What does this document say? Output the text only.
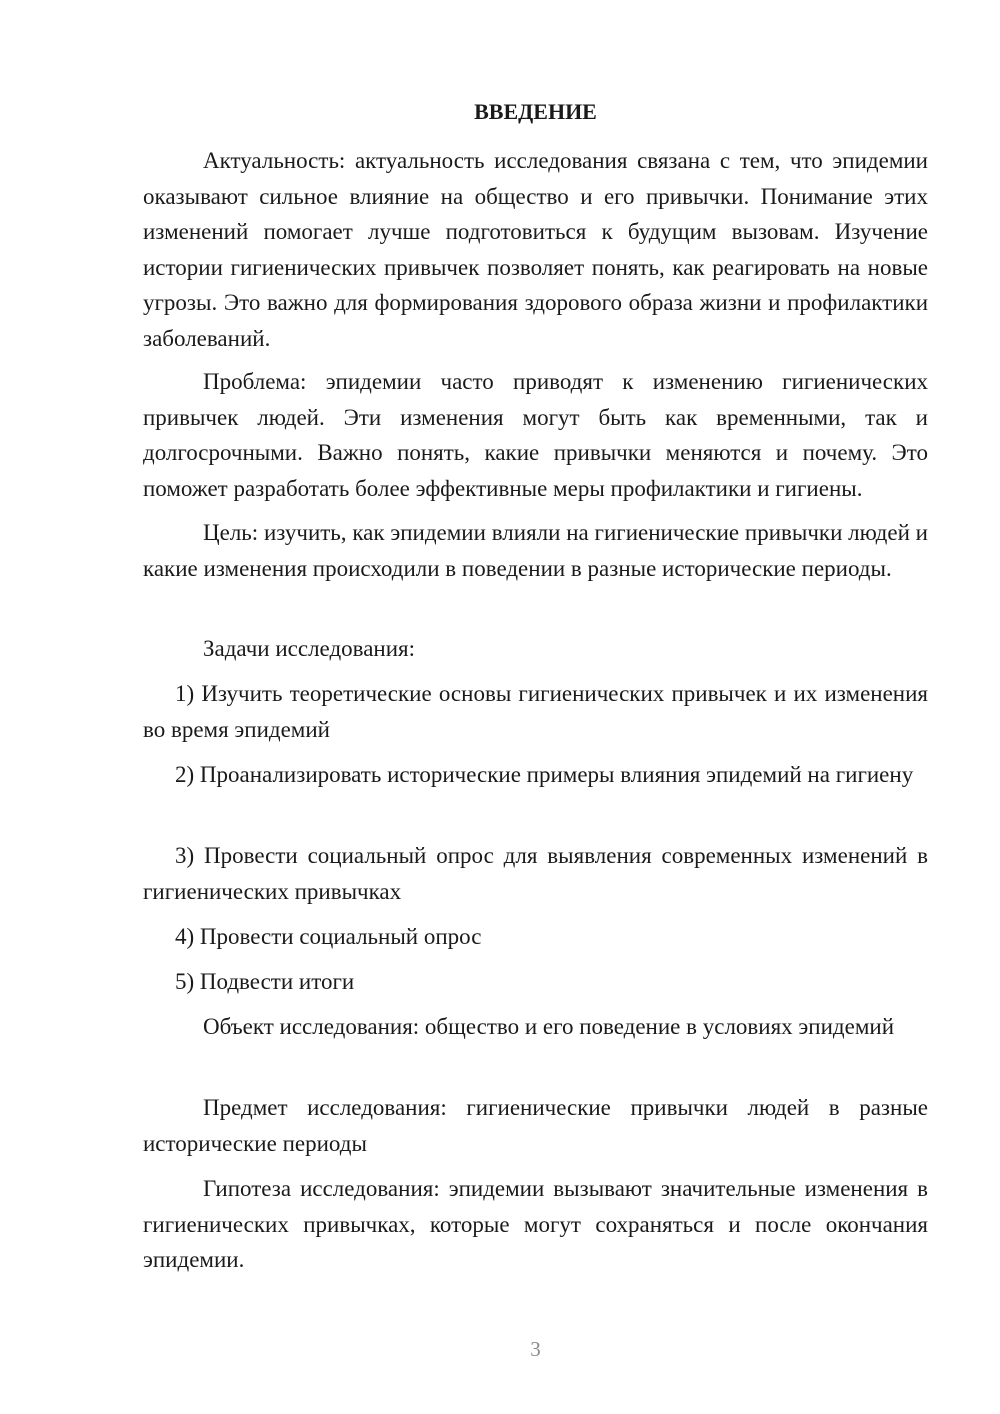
ВВЕДЕНИЕ

Актуальность: актуальность исследования связана с тем, что эпидемии оказывают сильное влияние на общество и его привычки. Понимание этих изменений помогает лучше подготовиться к будущим вызовам. Изучение истории гигиенических привычек позволяет понять, как реагировать на новые угрозы. Это важно для формирования здорового образа жизни и профилактики заболеваний.

Проблема: эпидемии часто приводят к изменению гигиенических привычек людей. Эти изменения могут быть как временными, так и долгосрочными. Важно понять, какие привычки меняются и почему. Это поможет разработать более эффективные меры профилактики и гигиены.

Цель: изучить, как эпидемии влияли на гигиенические привычки людей и какие изменения происходили в поведении в разные исторические периоды.

Задачи исследования:

1) Изучить теоретические основы гигиенических привычек и их изменения во время эпидемий

2) Проанализировать исторические примеры влияния эпидемий на гигиену

3) Провести социальный опрос для выявления современных изменений в гигиенических привычках

4) Провести социальный опрос

5) Подвести итоги

Объект исследования: общество и его поведение в условиях эпидемий

Предмет исследования: гигиенические привычки людей в разные исторические периоды

Гипотеза исследования: эпидемии вызывают значительные изменения в гигиенических привычках, которые могут сохраняться и после окончания эпидемии.

3
